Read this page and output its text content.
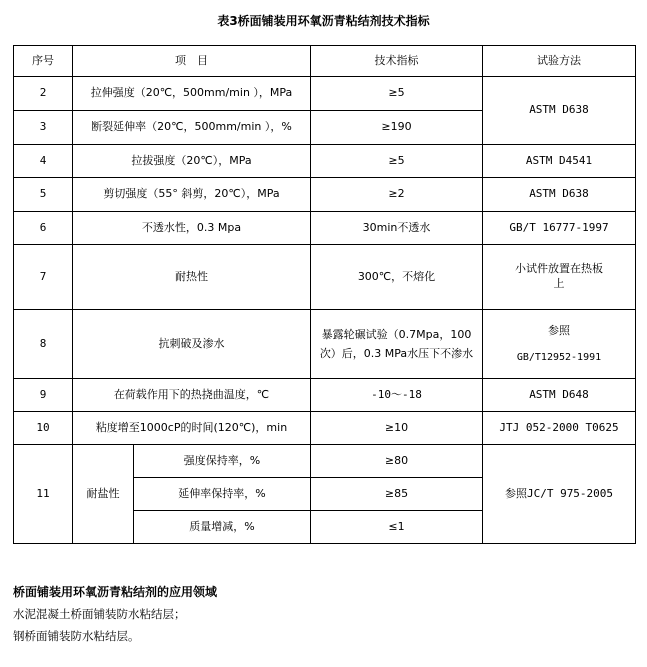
表3桥面铺装用环氧沥青粘结剂技术指标
序号	项　目		技术指标	试验方法
2	拉伸强度（20℃，500mm/min ），MPa		≥5	ASTM D638
3	断裂延伸率（20℃，500mm/min ），%		≥190	
4	拉拔强度（20℃），MPa		≥5	ASTM D4541
5	剪切强度（55° 斜剪，20℃），MPa		≥2	ASTM D638
6	不透水性，0.3 Mpa		30min不透水	GB/T 16777-1997
7	耐热性		300℃，不熔化	小试件放置在热板上
8	抗刺破及渗水		暴露轮碾试验（0.7Mpa，100次）后，0.3 MPa水压下不渗水	参照
GB/T12952-1991

9	在荷载作用下的热挠曲温度，℃		-10～-18	ASTM D648
10	粘度增至1000cP的时间(120℃)，min		≥10	JTJ 052-2000 T0625
11	耐盐性	强度保持率，%	≥80	参照JC/T 975-2005
		延伸率保持率，%	≥85	
		质量增减，%	≤1	
桥面铺装用环氧沥青粘结剂的应用领域
水泥混凝土桥面铺装防水粘结层；
钢桥面铺装防水粘结层。
